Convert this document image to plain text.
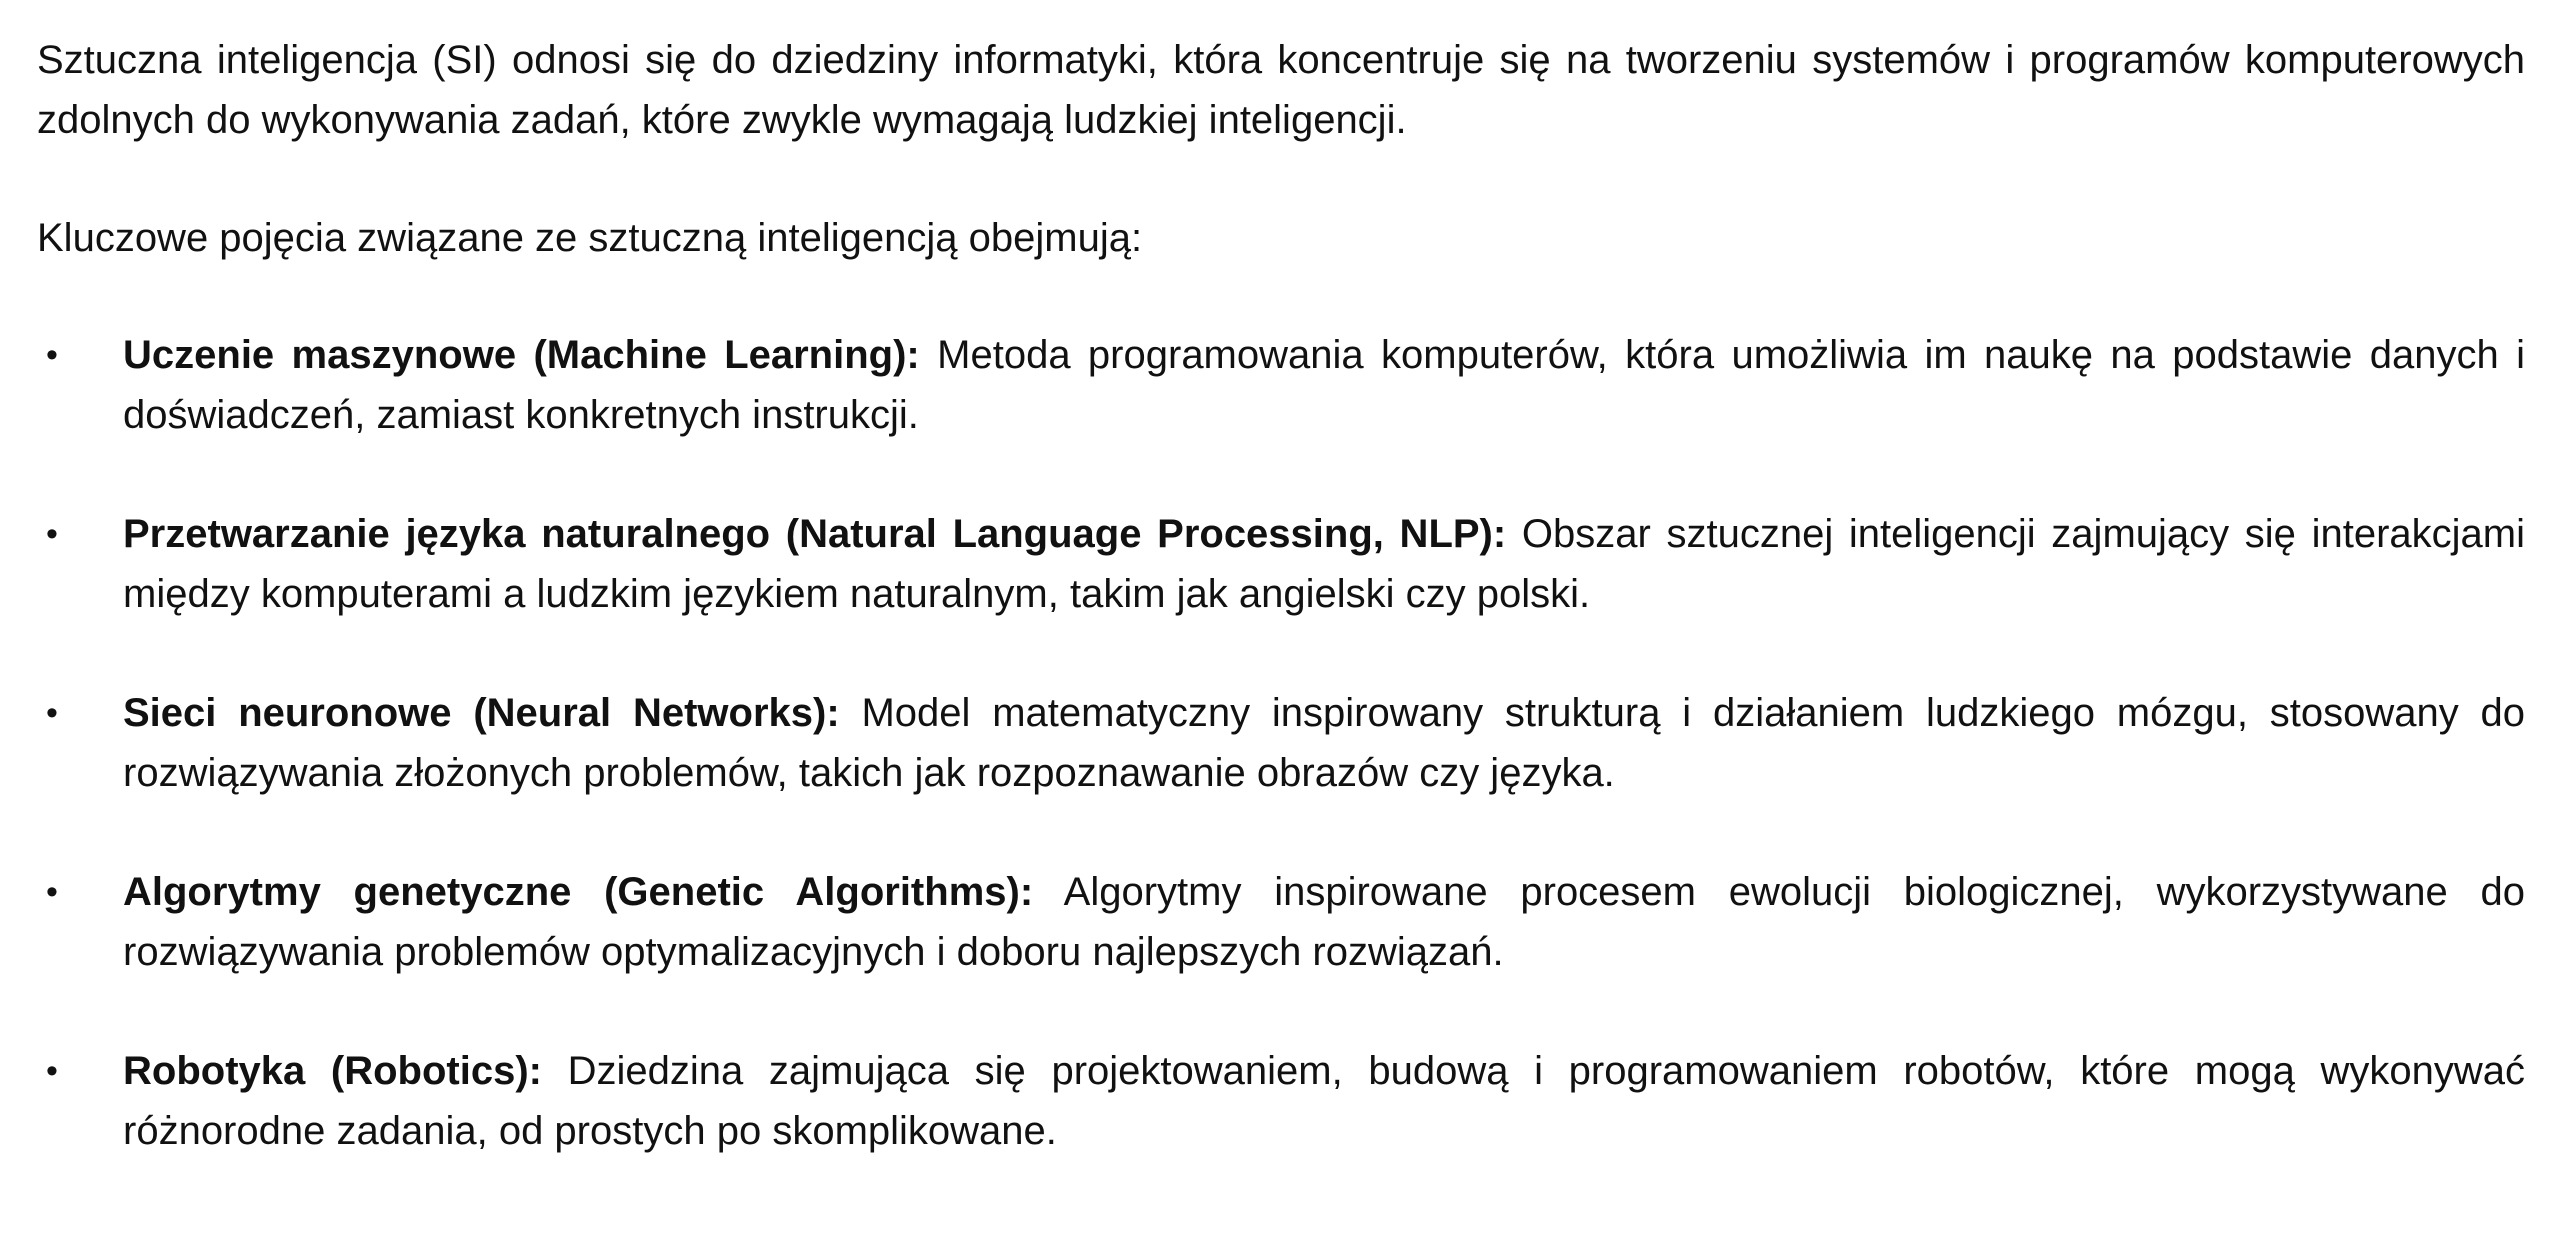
Sztuczna inteligencja (SI) odnosi się do dziedziny informatyki, która koncentruje się na tworzeniu systemów i programów komputerowych zdolnych do wykonywania zadań, które zwykle wymagają ludzkiej inteligencji.

Kluczowe pojęcia związane ze sztuczną inteligencją obejmują:

• Uczenie maszynowe (Machine Learning): Metoda programowania komputerów, która umożliwia im naukę na podstawie danych i doświadczeń, zamiast konkretnych instrukcji.
• Przetwarzanie języka naturalnego (Natural Language Processing, NLP): Obszar sztucznej inteligencji zajmujący się interakcjami między komputerami a ludzkim językiem naturalnym, takim jak angielski czy polski.
• Sieci neuronowe (Neural Networks): Model matematyczny inspirowany strukturą i działaniem ludzkiego mózgu, stosowany do rozwiązywania złożonych problemów, takich jak rozpoznawanie obrazów czy języka.
• Algorytmy genetyczne (Genetic Algorithms): Algorytmy inspirowane procesem ewolucji biologicznej, wykorzystywane do rozwiązywania problemów optymalizacyjnych i doboru najlepszych rozwiązań.
• Robotyka (Robotics): Dziedzina zajmująca się projektowaniem, budową i programowaniem robotów, które mogą wykonywać różnorodne zadania, od prostych po skomplikowane.
